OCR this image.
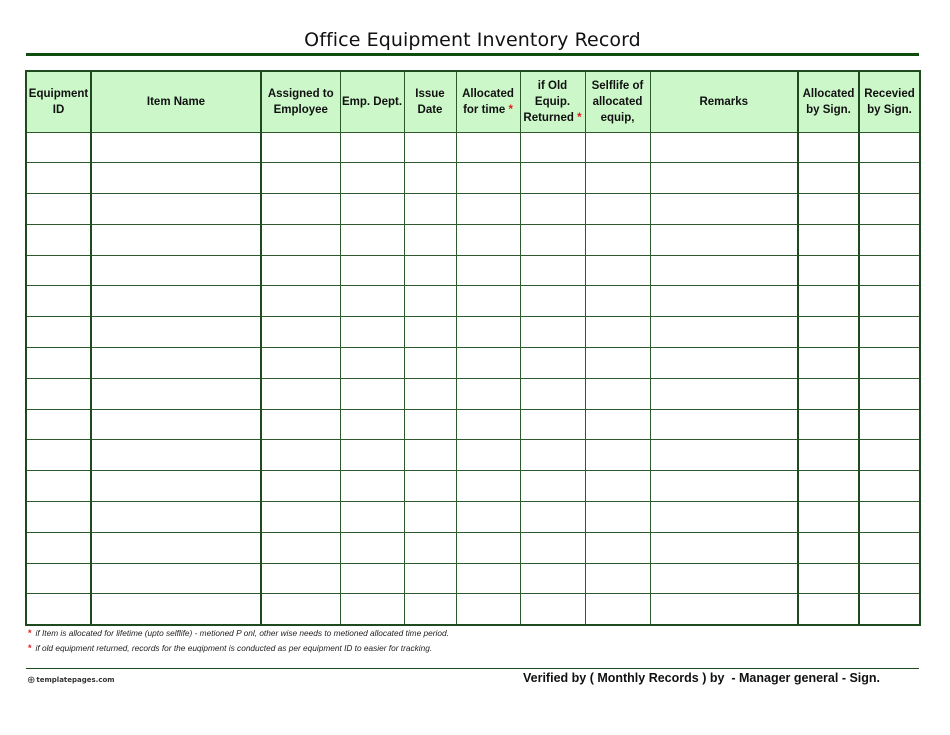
Office Equipment Inventory Record
Equipment ID	Item Name	Assigned to Employee	Emp. Dept.	Issue Date	Allocated for time *	if Old Equip. Returned *	Selflife of allocated equip,	Remarks	Allocated by Sign.	Recevied by Sign.

* if Item is allocated for lifetime (upto selflife) - metioned P onl, other wise needs to metioned allocated time period.
* if old equipment returned, records for the euqipment is conducted as per equipment ID to easier for tracking.
⊕ templatepages.com	Verified by ( Monthly Records ) by  - Manager general - Sign.
